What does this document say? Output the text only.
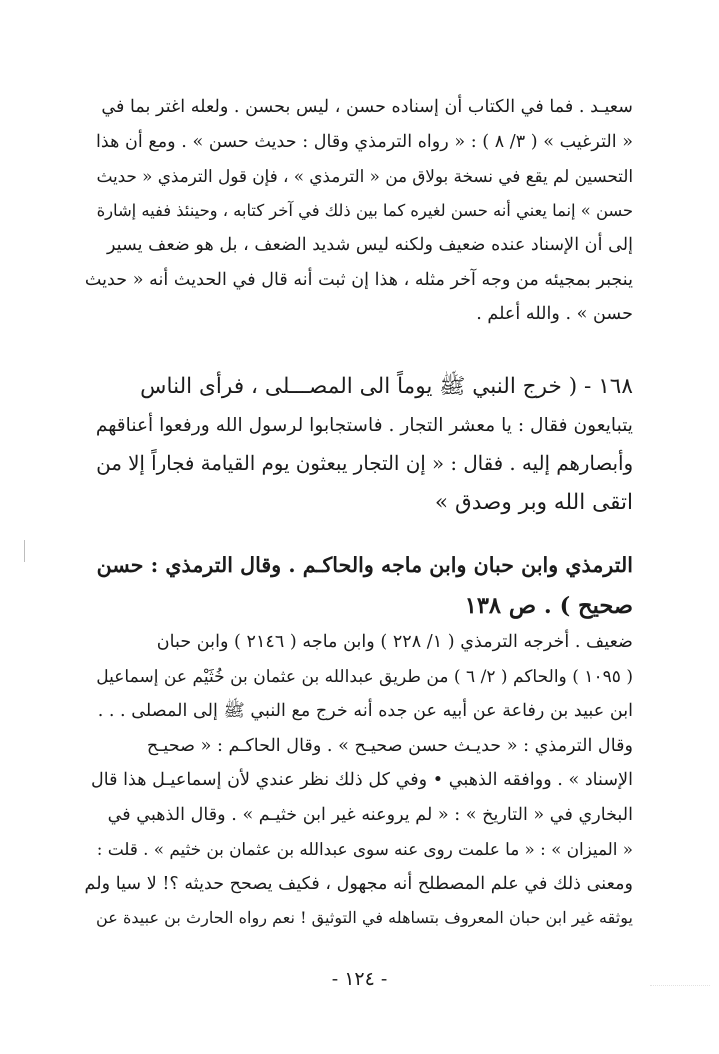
سعيـد . فما في الكتاب أن إسناده حسن ، ليس بحسن . ولعله اغتر بما في
« الترغيب » ( ٣/ ٨ ) : « رواه الترمذي وقال : حديث حسن » . ومع أن هذا
التحسين لم يقع في نسخة بولاق من « الترمذي » ، فإن قول الترمذي « حديث
حسن » إنما يعني أنه حسن لغيره كما بين ذلك في آخر كتابه ، وحينئذ ففيه إشارة
إلى أن الإسناد عنده ضعيف ولكنه ليس شديد الضعف ، بل هو ضعف يسير
ينجبر بمجيئه من وجه آخر مثله ، هذا إن ثبت أنه قال في الحديث أنه « حديث
حسن » . والله أعلم .
١٦٨ - ( خرج النبي ﷺ يوماً الى المصـــلى ، فرأى الناس
يتبايعون فقال : يا معشر التجار . فاستجابوا لرسول الله ورفعوا أعناقهم
وأبصارهم إليه . فقال : « إن التجار يبعثون يوم القيامة فجاراً إلا من
اتقى الله وبر وصدق »
الترمذي وابن حبان وابن ماجه والحاكـم . وقال الترمذي : حسن
صحيح ) . ص ١٣٨
ضعيف . أخرجه الترمذي ( ١/ ٢٢٨ ) وابن ماجه ( ٢١٤٦ ) وابن حبان
( ١٠٩٥ ) والحاكم ( ٢/ ٦ ) من طريق عبدالله بن عثمان بن خُثَيْم عن إسماعيل
ابن عبيد بن رفاعة عن أبيه عن جده أنه خرج مع النبي ﷺ إلى المصلى . . .
وقال الترمذي : « حديـث حسن صحيـح » . وقال الحاكـم : « صحيـح
الإسناد » . ووافقه الذهبي • وفي كل ذلك نظر عندي لأن إسماعيـل هذا قال
البخاري في « التاريخ » : « لم يروعنه غير ابن خثيـم » . وقال الذهبي في
« الميزان » : « ما علمت روى عنه سوى عبدالله بن عثمان بن خثيم » . قلت :
ومعنى ذلك في علم المصطلح أنه مجهول ، فكيف يصحح حديثه ؟! لا سيا ولم
يوثقه غير ابن حبان المعروف بتساهله في التوثيق ! نعم رواه الحارث بن عبيدة عن
- ١٢٤ -
